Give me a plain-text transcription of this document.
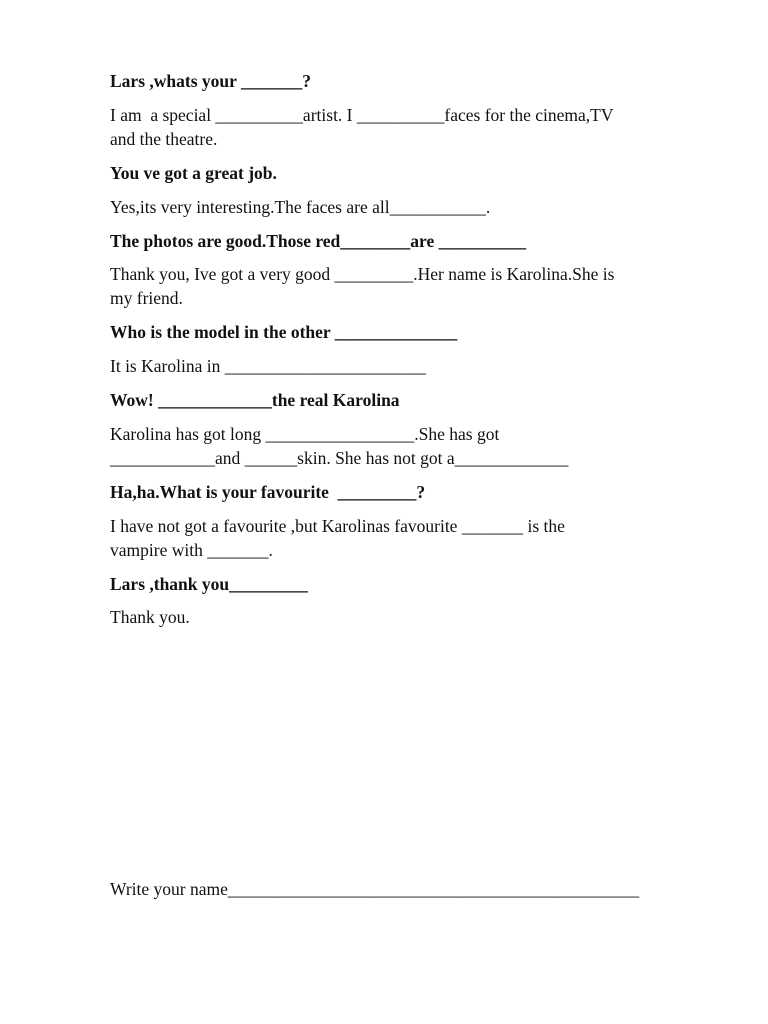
Lars ,whats your _______?

I am  a special __________artist. I __________faces for the cinema,TV
and the theatre.

You ve got a great job.

Yes,its very interesting.The faces are all___________.

The photos are good.Those red________are __________

Thank you, Ive got a very good _________.Her name is Karolina.She is
my friend.

Who is the model in the other ______________

It is Karolina in _______________________

Wow! _____________the real Karolina

Karolina has got long _________________.She has got
____________and ______skin. She has not got a_____________

Ha,ha.What is your favourite  _________?

I have not got a favourite ,but Karolinas favourite _______ is the
vampire with _______.

Lars ,thank you_________

Thank you.

Write your name_______________________________________________
